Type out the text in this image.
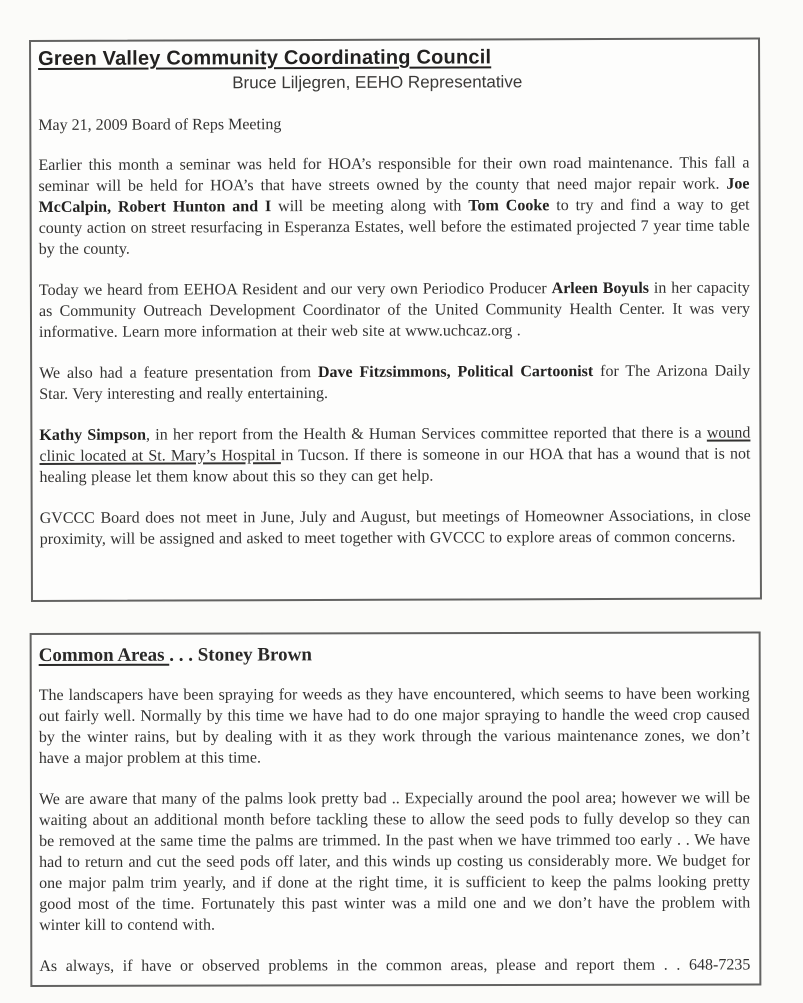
Green Valley Community Coordinating Council
Bruce Liljegren, EEHO Representative
May 21, 2009 Board of Reps Meeting

Earlier this month a seminar was held for HOA’s responsible for their own road maintenance. This fall a seminar will be held for HOA’s that have streets owned by the county that need major repair work. Joe McCalpin, Robert Hunton and I will be meeting along with Tom Cooke to try and find a way to get county action on street resurfacing in Esperanza Estates, well before the estimated projected 7 year time table by the county.

Today we heard from EEHOA Resident and our very own Periodico Producer Arleen Boyuls in her capacity as Community Outreach Development Coordinator of the United Community Health Center. It was very informative. Learn more information at their web site at www.uchcaz.org .

We also had a feature presentation from Dave Fitzsimmons, Political Cartoonist for The Arizona Daily Star. Very interesting and really entertaining.

Kathy Simpson, in her report from the Health & Human Services committee reported that there is a wound clinic located at St. Mary’s Hospital in Tucson. If there is someone in our HOA that has a wound that is not healing please let them know about this so they can get help.

GVCCC Board does not meet in June, July and August, but meetings of Homeowner Associations, in close proximity, will be assigned and asked to meet together with GVCCC to explore areas of common concerns.

Common Areas . . . Stoney Brown

The landscapers have been spraying for weeds as they have encountered, which seems to have been working out fairly well. Normally by this time we have had to do one major spraying to handle the weed crop caused by the winter rains, but by dealing with it as they work through the various maintenance zones, we don’t have a major problem at this time.

We are aware that many of the palms look pretty bad .. Expecially around the pool area; however we will be waiting about an additional month before tackling these to allow the seed pods to fully develop so they can be removed at the same time the palms are trimmed. In the past when we have trimmed too early . . We have had to return and cut the seed pods off later, and this winds up costing us considerably more. We budget for one major palm trim yearly, and if done at the right time, it is sufficient to keep the palms looking pretty good most of the time. Fortunately this past winter was a mild one and we don’t have the problem with winter kill to contend with.

As always, if have or observed problems in the common areas, please and report them . . 648-7235
